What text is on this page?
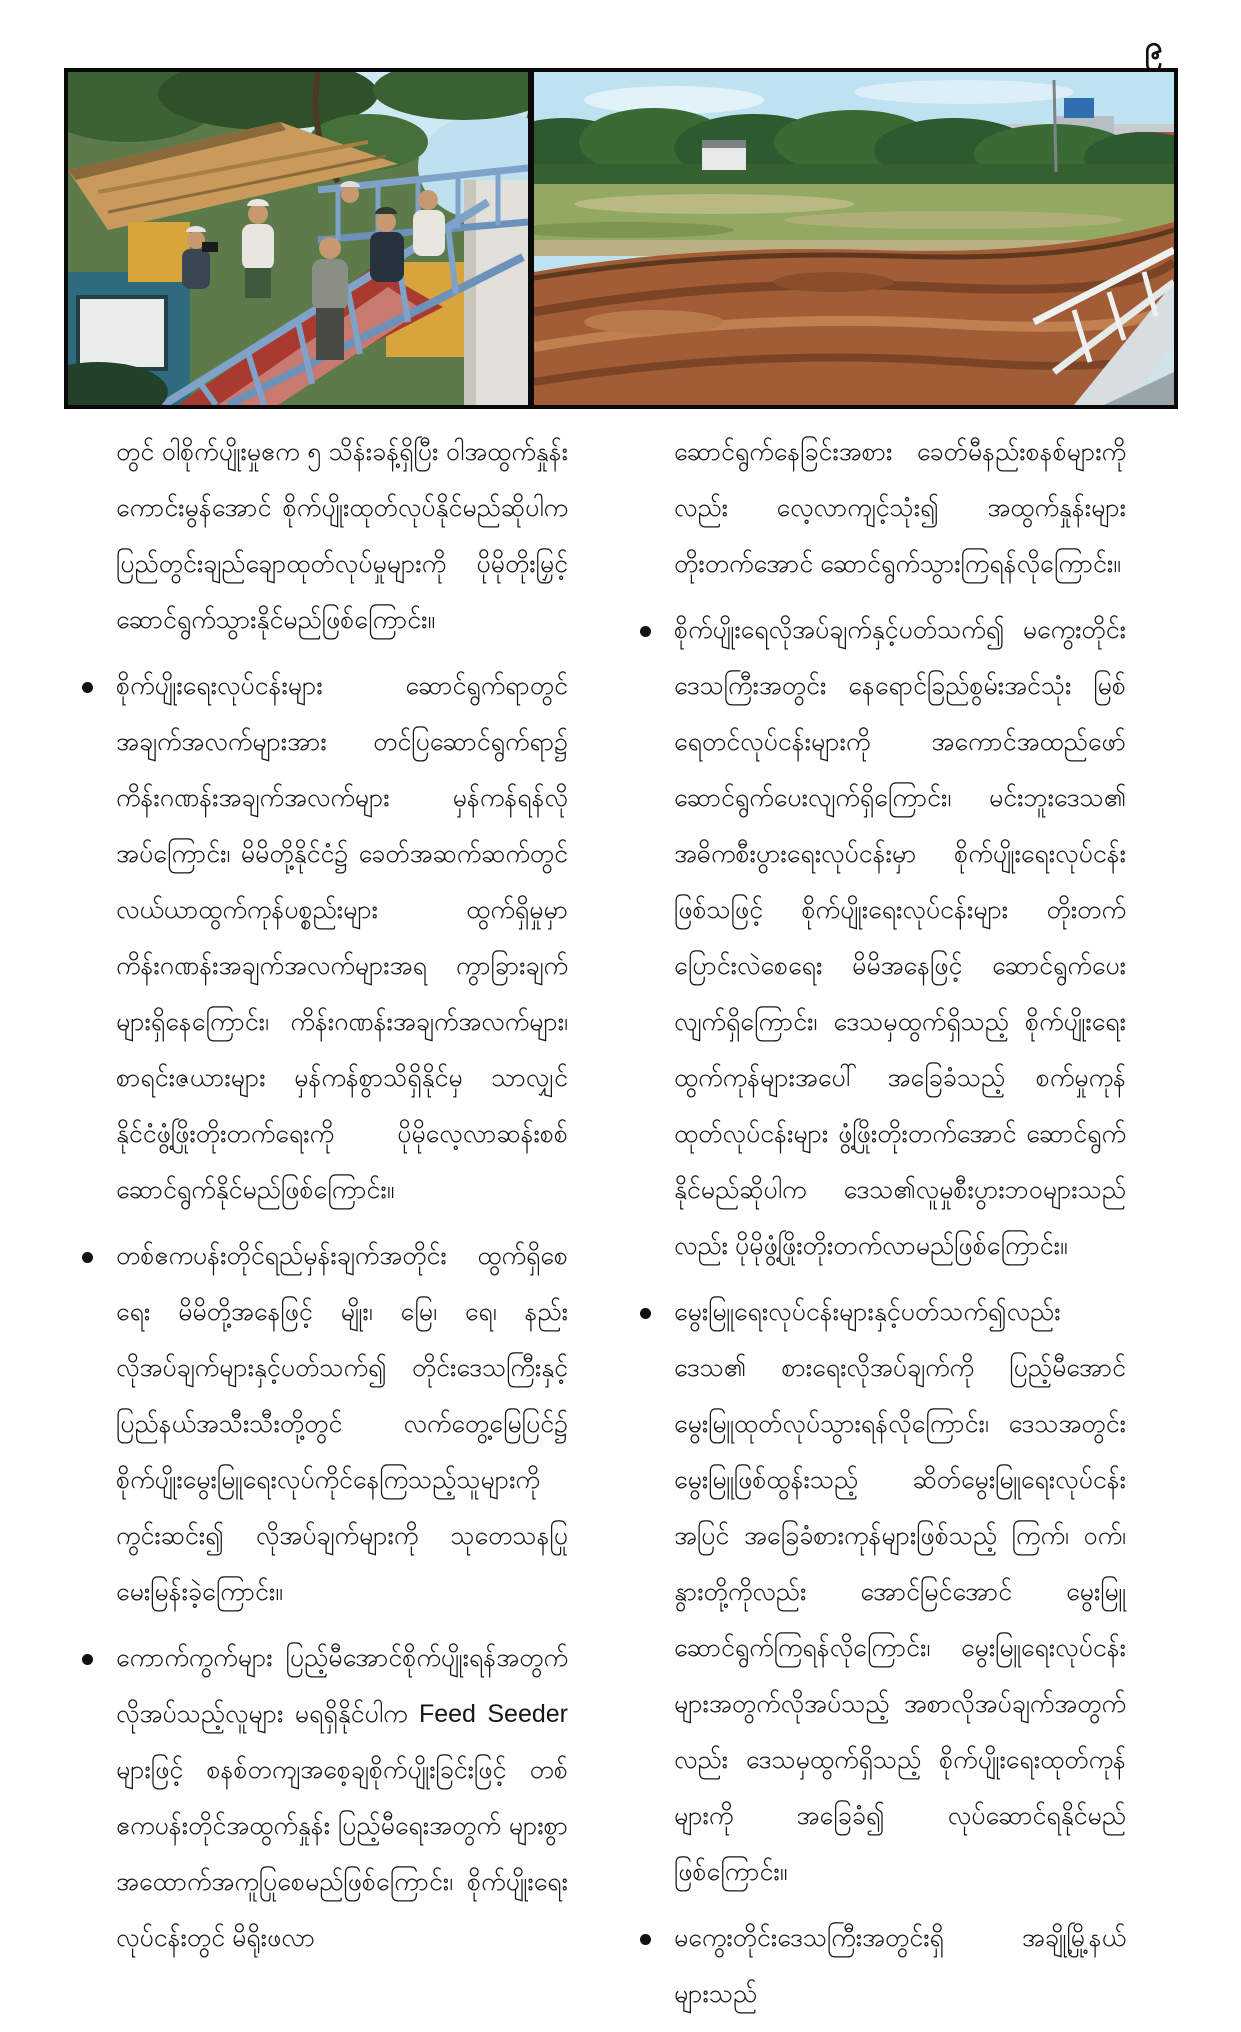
၉

တွင် ဝါစိုက်ပျိုးမှုဧက ၅ သိန်းခန့်ရှိပြီး ဝါအထွက်နှုန်း ကောင်းမွန်အောင် စိုက်ပျိုးထုတ်လုပ်နိုင်မည်ဆိုပါက ပြည်တွင်းချည်ချောထုတ်လုပ်မှုများကို ပိုမိုတိုးမြှင့်ဆောင်ရွက်သွားနိုင်မည်ဖြစ်ကြောင်း။

စိုက်ပျိုးရေးလုပ်ငန်းများ ဆောင်ရွက်ရာတွင် အချက်အလက်များအား တင်ပြဆောင်ရွက်ရာ၌ ကိန်းဂဏန်းအချက်အလက်များ မှန်ကန်ရန်လိုအပ်ကြောင်း၊ မိမိတို့နိုင်ငံ၌ ခေတ်အဆက်ဆက်တွင် လယ်ယာထွက်ကုန်ပစ္စည်းများ ထွက်ရှိမှုမှာ ကိန်းဂဏန်းအချက်အလက်များအရ ကွာခြားချက်များရှိနေကြောင်း၊ ကိန်းဂဏန်းအချက်အလက်များ၊ စာရင်းဇယားများ မှန်ကန်စွာသိရှိနိုင်မှ သာလျှင် နိုင်ငံဖွံ့ဖြိုးတိုးတက်ရေးကို ပိုမိုလေ့လာဆန်းစစ်ဆောင်ရွက်နိုင်မည်ဖြစ်ကြောင်း။

တစ်ဧကပန်းတိုင်ရည်မှန်းချက်အတိုင်း ထွက်ရှိစေရေး မိမိတို့အနေဖြင့် မျိုး၊ မြေ၊ ရေ၊ နည်း လိုအပ်ချက်များနှင့်ပတ်သက်၍ တိုင်းဒေသကြီးနှင့် ပြည်နယ်အသီးသီးတို့တွင် လက်တွေ့မြေပြင်၌ စိုက်ပျိုးမွေးမြူရေးလုပ်ကိုင်နေကြသည့်သူများကို ကွင်းဆင်း၍ လိုအပ်ချက်များကို သုတေသနပြုမေးမြန်းခဲ့ကြောင်း။

ကောက်ကွက်များ ပြည့်မီအောင်စိုက်ပျိုးရန်အတွက် လိုအပ်သည့်လူများ မရရှိနိုင်ပါက Feed Seeder များဖြင့် စနစ်တကျအစေ့ချစိုက်ပျိုးခြင်းဖြင့် တစ်ဧကပန်းတိုင်အထွက်နှုန်း ပြည့်မီရေးအတွက် များစွာအထောက်အကူပြုစေမည်ဖြစ်ကြောင်း၊ စိုက်ပျိုးရေးလုပ်ငန်းတွင် မိရိုးဖလာ

ဆောင်ရွက်နေခြင်းအစား ခေတ်မီနည်းစနစ်များကိုလည်း လေ့လာကျင့်သုံး၍ အထွက်နှုန်းများ တိုးတက်အောင် ဆောင်ရွက်သွားကြရန်လိုကြောင်း။

စိုက်ပျိုးရေလိုအပ်ချက်နှင့်ပတ်သက်၍ မကွေးတိုင်းဒေသကြီးအတွင်း နေရောင်ခြည်စွမ်းအင်သုံး မြစ်ရေတင်လုပ်ငန်းများကို အကောင်အထည်ဖော် ဆောင်ရွက်ပေးလျက်ရှိကြောင်း၊ မင်းဘူးဒေသ၏ အဓိကစီးပွားရေးလုပ်ငန်းမှာ စိုက်ပျိုးရေးလုပ်ငန်းဖြစ်သဖြင့် စိုက်ပျိုးရေးလုပ်ငန်းများ တိုးတက်ပြောင်းလဲစေရေး မိမိအနေဖြင့် ဆောင်ရွက်ပေးလျက်ရှိကြောင်း၊ ဒေသမှထွက်ရှိသည့် စိုက်ပျိုးရေးထွက်ကုန်များအပေါ် အခြေခံသည့် စက်မှုကုန်ထုတ်လုပ်ငန်းများ ဖွံ့ဖြိုးတိုးတက်အောင် ဆောင်ရွက်နိုင်မည်ဆိုပါက ဒေသ၏လူမှုစီးပွားဘဝများသည်လည်း ပိုမိုဖွံ့ဖြိုးတိုးတက်လာမည်ဖြစ်ကြောင်း။

မွေးမြူရေးလုပ်ငန်းများနှင့်ပတ်သက်၍လည်း ဒေသ၏ စားရေးလိုအပ်ချက်ကို ပြည့်မီအောင် မွေးမြူထုတ်လုပ်သွားရန်လိုကြောင်း၊ ဒေသအတွင်းမွေးမြူဖြစ်ထွန်းသည့် ဆိတ်မွေးမြူရေးလုပ်ငန်းအပြင် အခြေခံစားကုန်များဖြစ်သည့် ကြက်၊ ဝက်၊ နွားတို့ကိုလည်း အောင်မြင်အောင် မွေးမြူဆောင်ရွက်ကြရန်လိုကြောင်း၊ မွေးမြူရေးလုပ်ငန်းများအတွက်လိုအပ်သည့် အစာလိုအပ်ချက်အတွက်လည်း ဒေသမှထွက်ရှိသည့် စိုက်ပျိုးရေးထုတ်ကုန်များကို အခြေခံ၍ လုပ်ဆောင်ရနိုင်မည်ဖြစ်ကြောင်း။

မကွေးတိုင်းဒေသကြီးအတွင်းရှိ အချို့မြို့နယ်များသည်
